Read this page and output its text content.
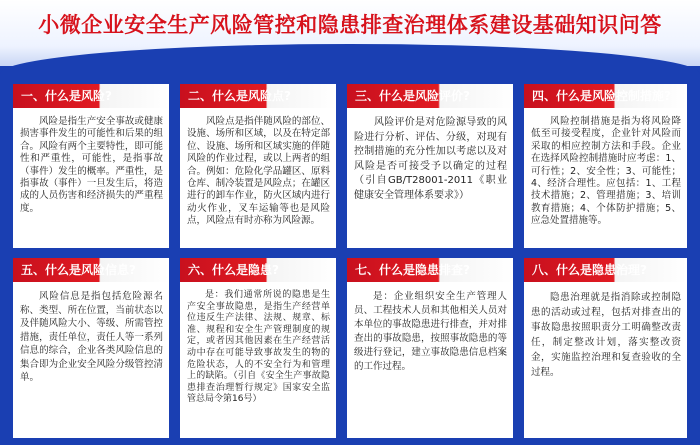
小微企业安全生产风险管控和隐患排查治理体系建设基础知识问答
一、什么是风险?
风险是指生产安全事故或健康损害事件发生的可能性和后果的组合。风险有两个主要特性，即可能性和严重性，可能性，是指事故（事件）发生的概率。严重性，是指事故（事件）一旦发生后，将造成的人员伤害和经济损失的严重程度。
二、什么是风险点?
风险点是指伴随风险的部位、设施、场所和区域，以及在特定部位、设施、场所和区域实施的伴随风险的作业过程，或以上两者的组合。例如：危险化学品罐区、原料仓库、制冷装置是风险点；在罐区进行的卸车作业，防火区域内进行动火作业，叉车运输等也是风险点，风险点有时亦称为风险源。
三、什么是风险评价?
风险评价是对危险源导致的风险进行分析、评估、分级，对现有控制措施的充分性加以考虑以及对风险是否可接受予以确定的过程（引自GB/T28001-2011《职业健康安全管理体系要求》）
四、什么是风险控制措施?
风险控制措施是指为将风险降低至可接受程度，企业针对风险而采取的相应控制方法和手段。企业在选择风险控制措施时应考虑：1、可行性；2、安全性；3、可能性；4、经济合理性。应包括：1、工程技术措施；2、管理措施；3、培训教育措施；4、个体防护措施；5、应急处置措施等。
五、什么是风险信息?
风险信息是指包括危险源名称、类型、所在位置，当前状态以及伴随风险大小、等级、所需管控措施，责任单位，责任人等一系列信息的综合，企业各类风险信息的集合即为企业安全风险分级管控清单。
六、什么是隐患?
是：我们通常所说的隐患是生产安全事故隐患，是指生产经营单位违反生产法律、法规、规章、标准、规程和安全生产管理制度的规定，或者因其他因素在生产经营活动中存在可能导致事故发生的物的危险状态，人的不安全行为和管理上的缺陷。（引自《安全生产事故隐患排查治理暂行规定》国家安全监管总局令第16号）
七、什么是隐患排查?
是：企业组织安全生产管理人员、工程技术人员和其他相关人员对本单位的事故隐患进行排查，并对排查出的事故隐患，按照事故隐患的等级进行登记，建立事故隐患信息档案的工作过程。
八、什么是隐患治理?
隐患治理就是指消除或控制隐患的活动或过程，包括对排查出的事故隐患按照职责分工明确整改责任，制定整改计划，落实整改资金，实施监控治理和复查验收的全过程。
